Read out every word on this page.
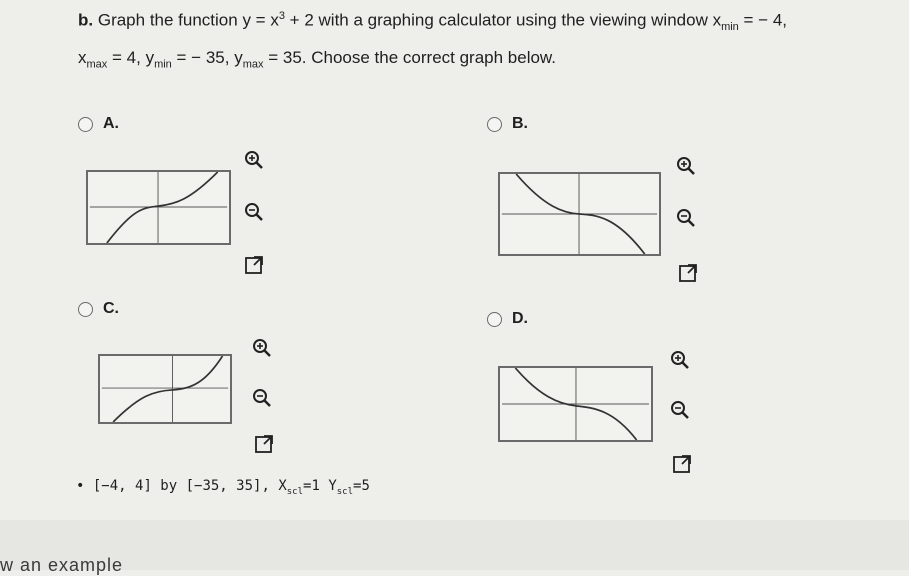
b. Graph the function $y = x^3 + 2$ with a graphing calculator using the viewing window $x_{min}$ = − 4,
$x_{max} = 4$, $y_{min}$ = − 35, $y_{max} = 35$. Choose the correct graph below.
A.	B.
C.
D.
• [−4, 4] by [−35, 35], $X_{scl}=1$ $Y_{scl}=5$
w an example
